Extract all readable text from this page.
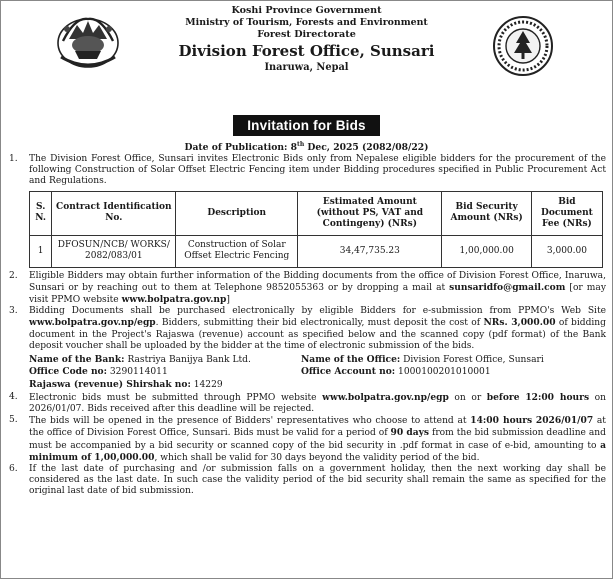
Koshi Province Government
Ministry of Tourism, Forests and Environment
Forest Directorate
Division Forest Office, Sunsari
Inaruwa, Nepal
Invitation for Bids
Date of Publication: 8th Dec, 2025 (2082/08/22)
1. The Division Forest Office, Sunsari invites Electronic Bids only from Nepalese eligible bidders for the procurement of the following Construction of Solar Offset Electric Fencing item under Bidding procedures specified in Public Procurement Act and Regulations.
S. N.	Contract Identification No.	Description	Estimated Amount (without PS, VAT and Contingeny) (NRs)	Bid Security Amount (NRs)	Bid Document Fee (NRs)
1	DFOSUN/NCB/ WORKS/ 2082/083/01	Construction of Solar Offset Electric Fencing	34,47,735.23	1,00,000.00	3,000.00
2. Eligible Bidders may obtain further information of the Bidding documents from the office of Division Forest Office, Inaruwa, Sunsari or by reaching out to them at Telephone 9852055363 or by dropping a mail at sunsaridfo@gmail.com [or may visit PPMO website www.bolpatra.gov.np]
3. Bidding Documents shall be purchased electronically by eligible Bidders for e-submission from PPMO's Web Site www.bolpatra.gov.np/egp. Bidders, submitting their bid electronically, must deposit the cost of NRs. 3,000.00 of bidding document in the Project's Rajaswa (revenue) account as specified below and the scanned copy (pdf format) of the Bank deposit voucher shall be uploaded by the bidder at the time of electronic submission of the bids.
Name of the Bank: Rastriya Banijya Bank Ltd.	Name of the Office: Division Forest Office, Sunsari
Office Code no: 3290114011	Office Account no: 1000100201010001
Rajaswa (revenue) Shirshak no: 14229
4. Electronic bids must be submitted through PPMO website www.bolpatra.gov.np/egp on or before 12:00 hours on 2026/01/07. Bids received after this deadline will be rejected.
5. The bids will be opened in the presence of Bidders' representatives who choose to attend at 14:00 hours 2026/01/07 at the office of Division Forest Office, Sunsari. Bids must be valid for a period of 90 days from the bid submission deadline and must be accompanied by a bid security or scanned copy of the bid security in .pdf format in case of e-bid, amounting to a minimum of 1,00,000.00, which shall be valid for 30 days beyond the validity period of the bid.
6. If the last date of purchasing and /or submission falls on a government holiday, then the next working day shall be considered as the last date. In such case the validity period of the bid security shall remain the same as specified for the original last date of bid submission.
